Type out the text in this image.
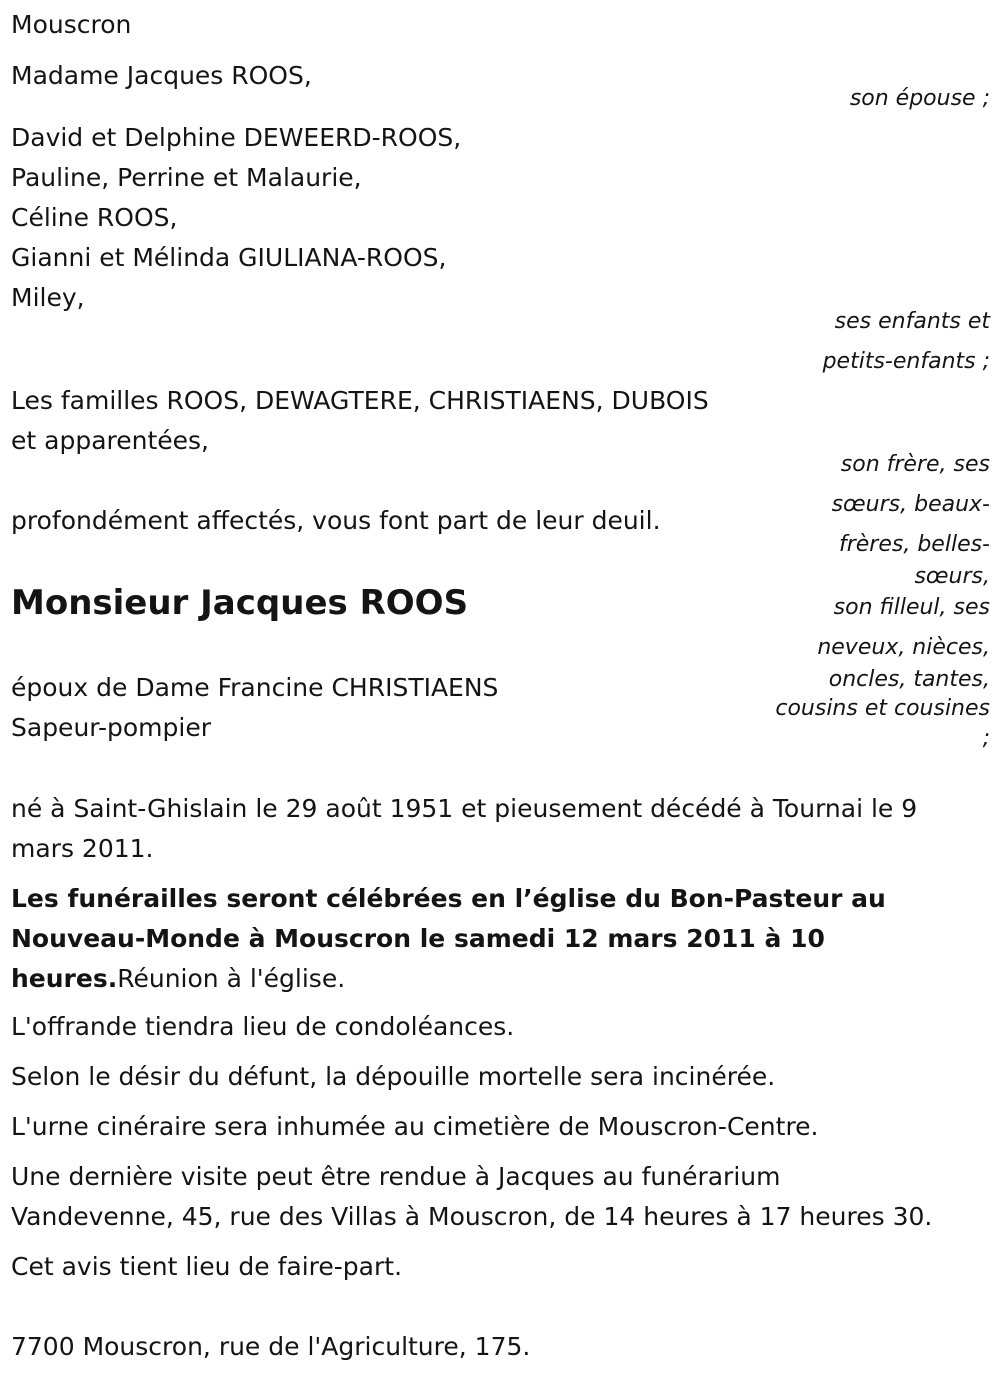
Mouscron

Madame Jacques ROOS,

David et Delphine DEWEERD-ROOS,
Pauline, Perrine et Malaurie,
Céline ROOS,
Gianni et Mélinda GIULIANA-ROOS,
Miley,
Les familles ROOS, DEWAGTERE, CHRISTIAENS, DUBOIS
et apparentées,

profondément affectés, vous font part de leur deuil.

Monsieur Jacques ROOS
époux de Dame Francine CHRISTIAENS
Sapeur-pompier
né à Saint-Ghislain le 29 août 1951 et pieusement décédé à Tournai le 9
mars 2011.
Les funérailles seront célébrées en l’église du Bon-Pasteur au
Nouveau-Monde à Mouscron le samedi 12 mars 2011 à 10
heures.Réunion à l'église.

L'offrande tiendra lieu de condoléances.

Selon le désir du défunt, la dépouille mortelle sera incinérée.

L'urne cinéraire sera inhumée au cimetière de Mouscron-Centre.

Une dernière visite peut être rendue à Jacques au funérarium
Vandevenne, 45, rue des Villas à Mouscron, de 14 heures à 17 heures 30.

Cet avis tient lieu de faire-part.

7700 Mouscron, rue de l'Agriculture, 175.

son épouse ;
ses enfants et
petits-enfants ;
son frère, ses
sœurs, beaux-
frères, belles-
sœurs,
son filleul, ses
neveux, nièces,
oncles, tantes,
cousins et cousines
;
